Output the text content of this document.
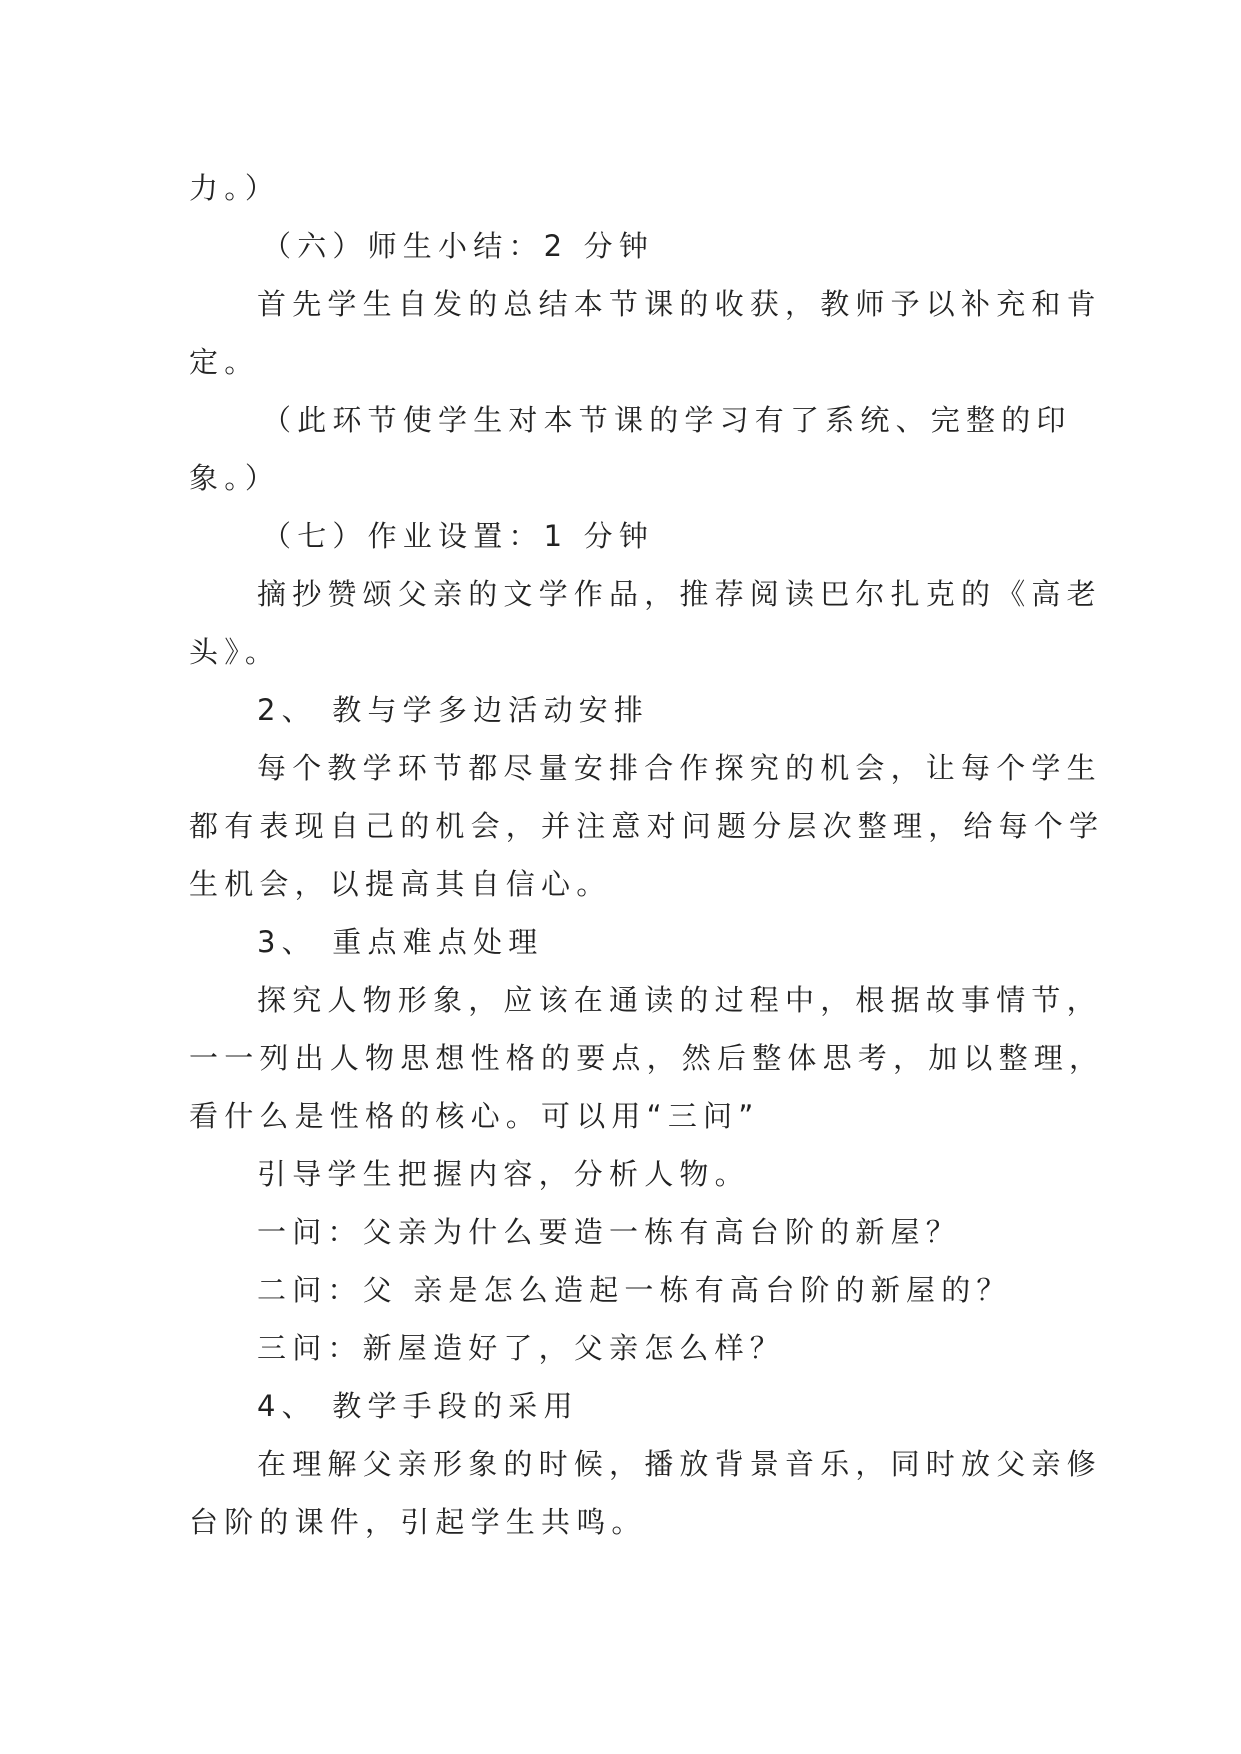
力。）
（六）师生小结：2 分钟
首先学生自发的总结本节课的收获，教师予以补充和肯
定。
（此环节使学生对本节课的学习有了系统、完整的印
象。）
（七）作业设置：1 分钟
摘抄赞颂父亲的文学作品，推荐阅读巴尔扎克的《高老
头》。
2、 教与学多边活动安排
每个教学环节都尽量安排合作探究的机会，让每个学生
都有表现自己的机会，并注意对问题分层次整理，给每个学
生机会，以提高其自信心。
3、 重点难点处理
探究人物形象，应该在通读的过程中，根据故事情节，
一一列出人物思想性格的要点，然后整体思考，加以整理，
看什么是性格的核心。可以用“三问”
引导学生把握内容，分析人物。
一问：父亲为什么要造一栋有高台阶的新屋？
二问：父 亲是怎么造起一栋有高台阶的新屋的？
三问：新屋造好了，父亲怎么样？
4、 教学手段的采用
在理解父亲形象的时候，播放背景音乐，同时放父亲修
台阶的课件，引起学生共鸣。
